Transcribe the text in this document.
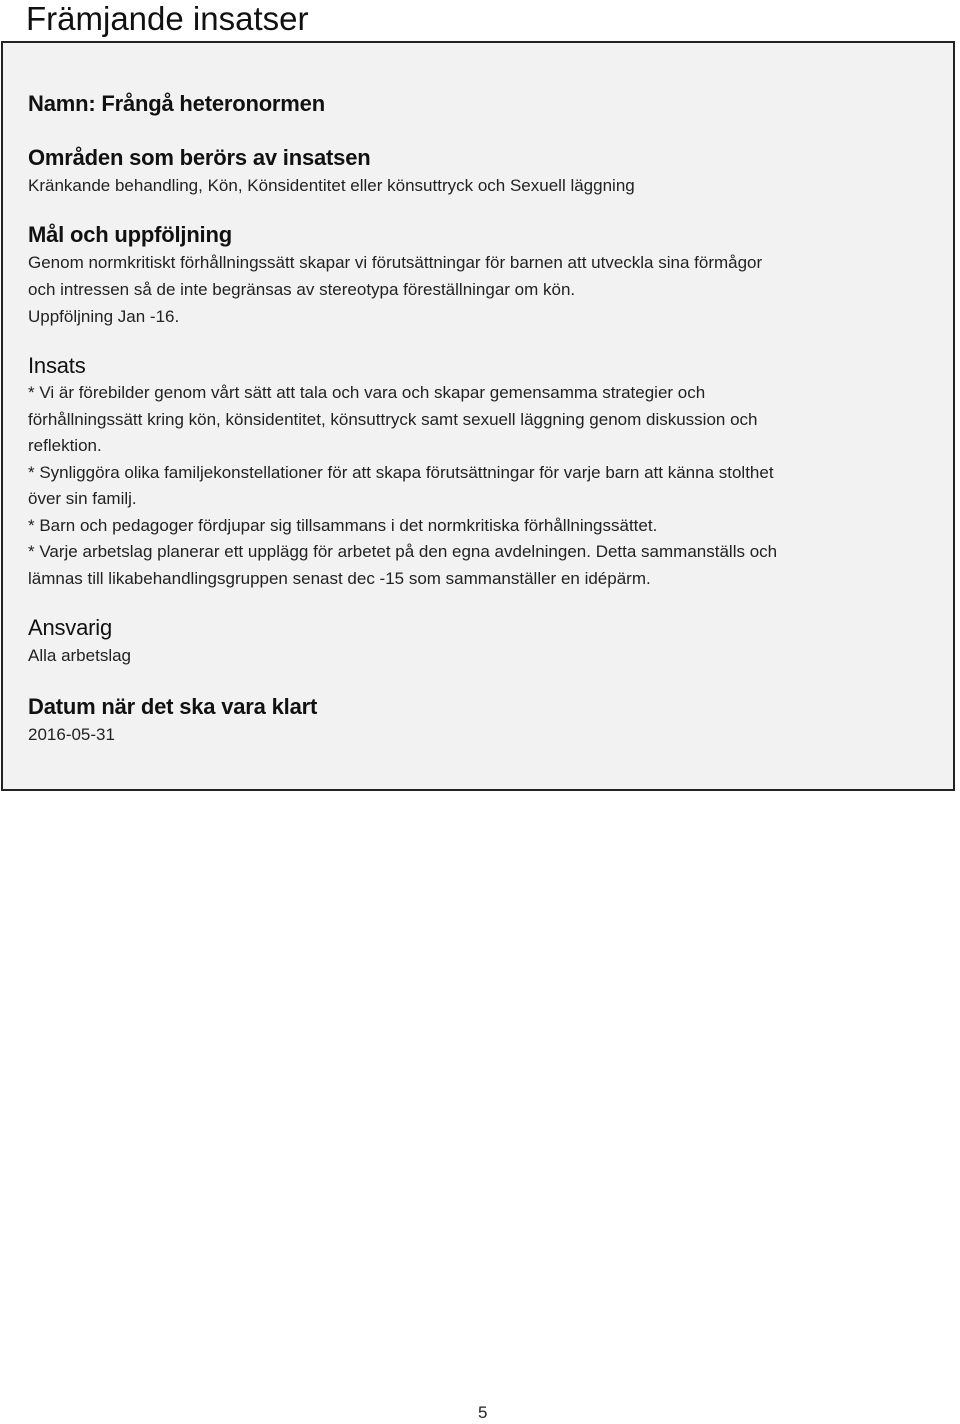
Främjande insatser
Namn: Frångå heteronormen
Områden som berörs av insatsen

Kränkande behandling, Kön, Könsidentitet eller könsuttryck och Sexuell läggning

Mål och uppföljning

Genom normkritiskt förhållningssätt skapar vi förutsättningar för barnen att utveckla sina förmågor
och intressen så de inte begränsas av stereotypa föreställningar om kön.
Uppföljning Jan -16.

Insats

* Vi är förebilder genom vårt sätt att tala och vara och skapar gemensamma strategier och
förhållningssätt kring kön, könsidentitet, könsuttryck samt sexuell läggning genom diskussion och
reflektion.

* Synliggöra olika familjekonstellationer för att skapa förutsättningar för varje barn att känna stolthet
över sin familj.

* Barn och pedagoger fördjupar sig tillsammans i det normkritiska förhållningssättet.

* Varje arbetslag planerar ett upplägg för arbetet på den egna avdelningen. Detta sammanställs och
lämnas till likabehandlingsgruppen senast dec -15 som sammanställer en idépärm.

Ansvarig

Alla arbetslag

Datum när det ska vara klart

2016-05-31

5
